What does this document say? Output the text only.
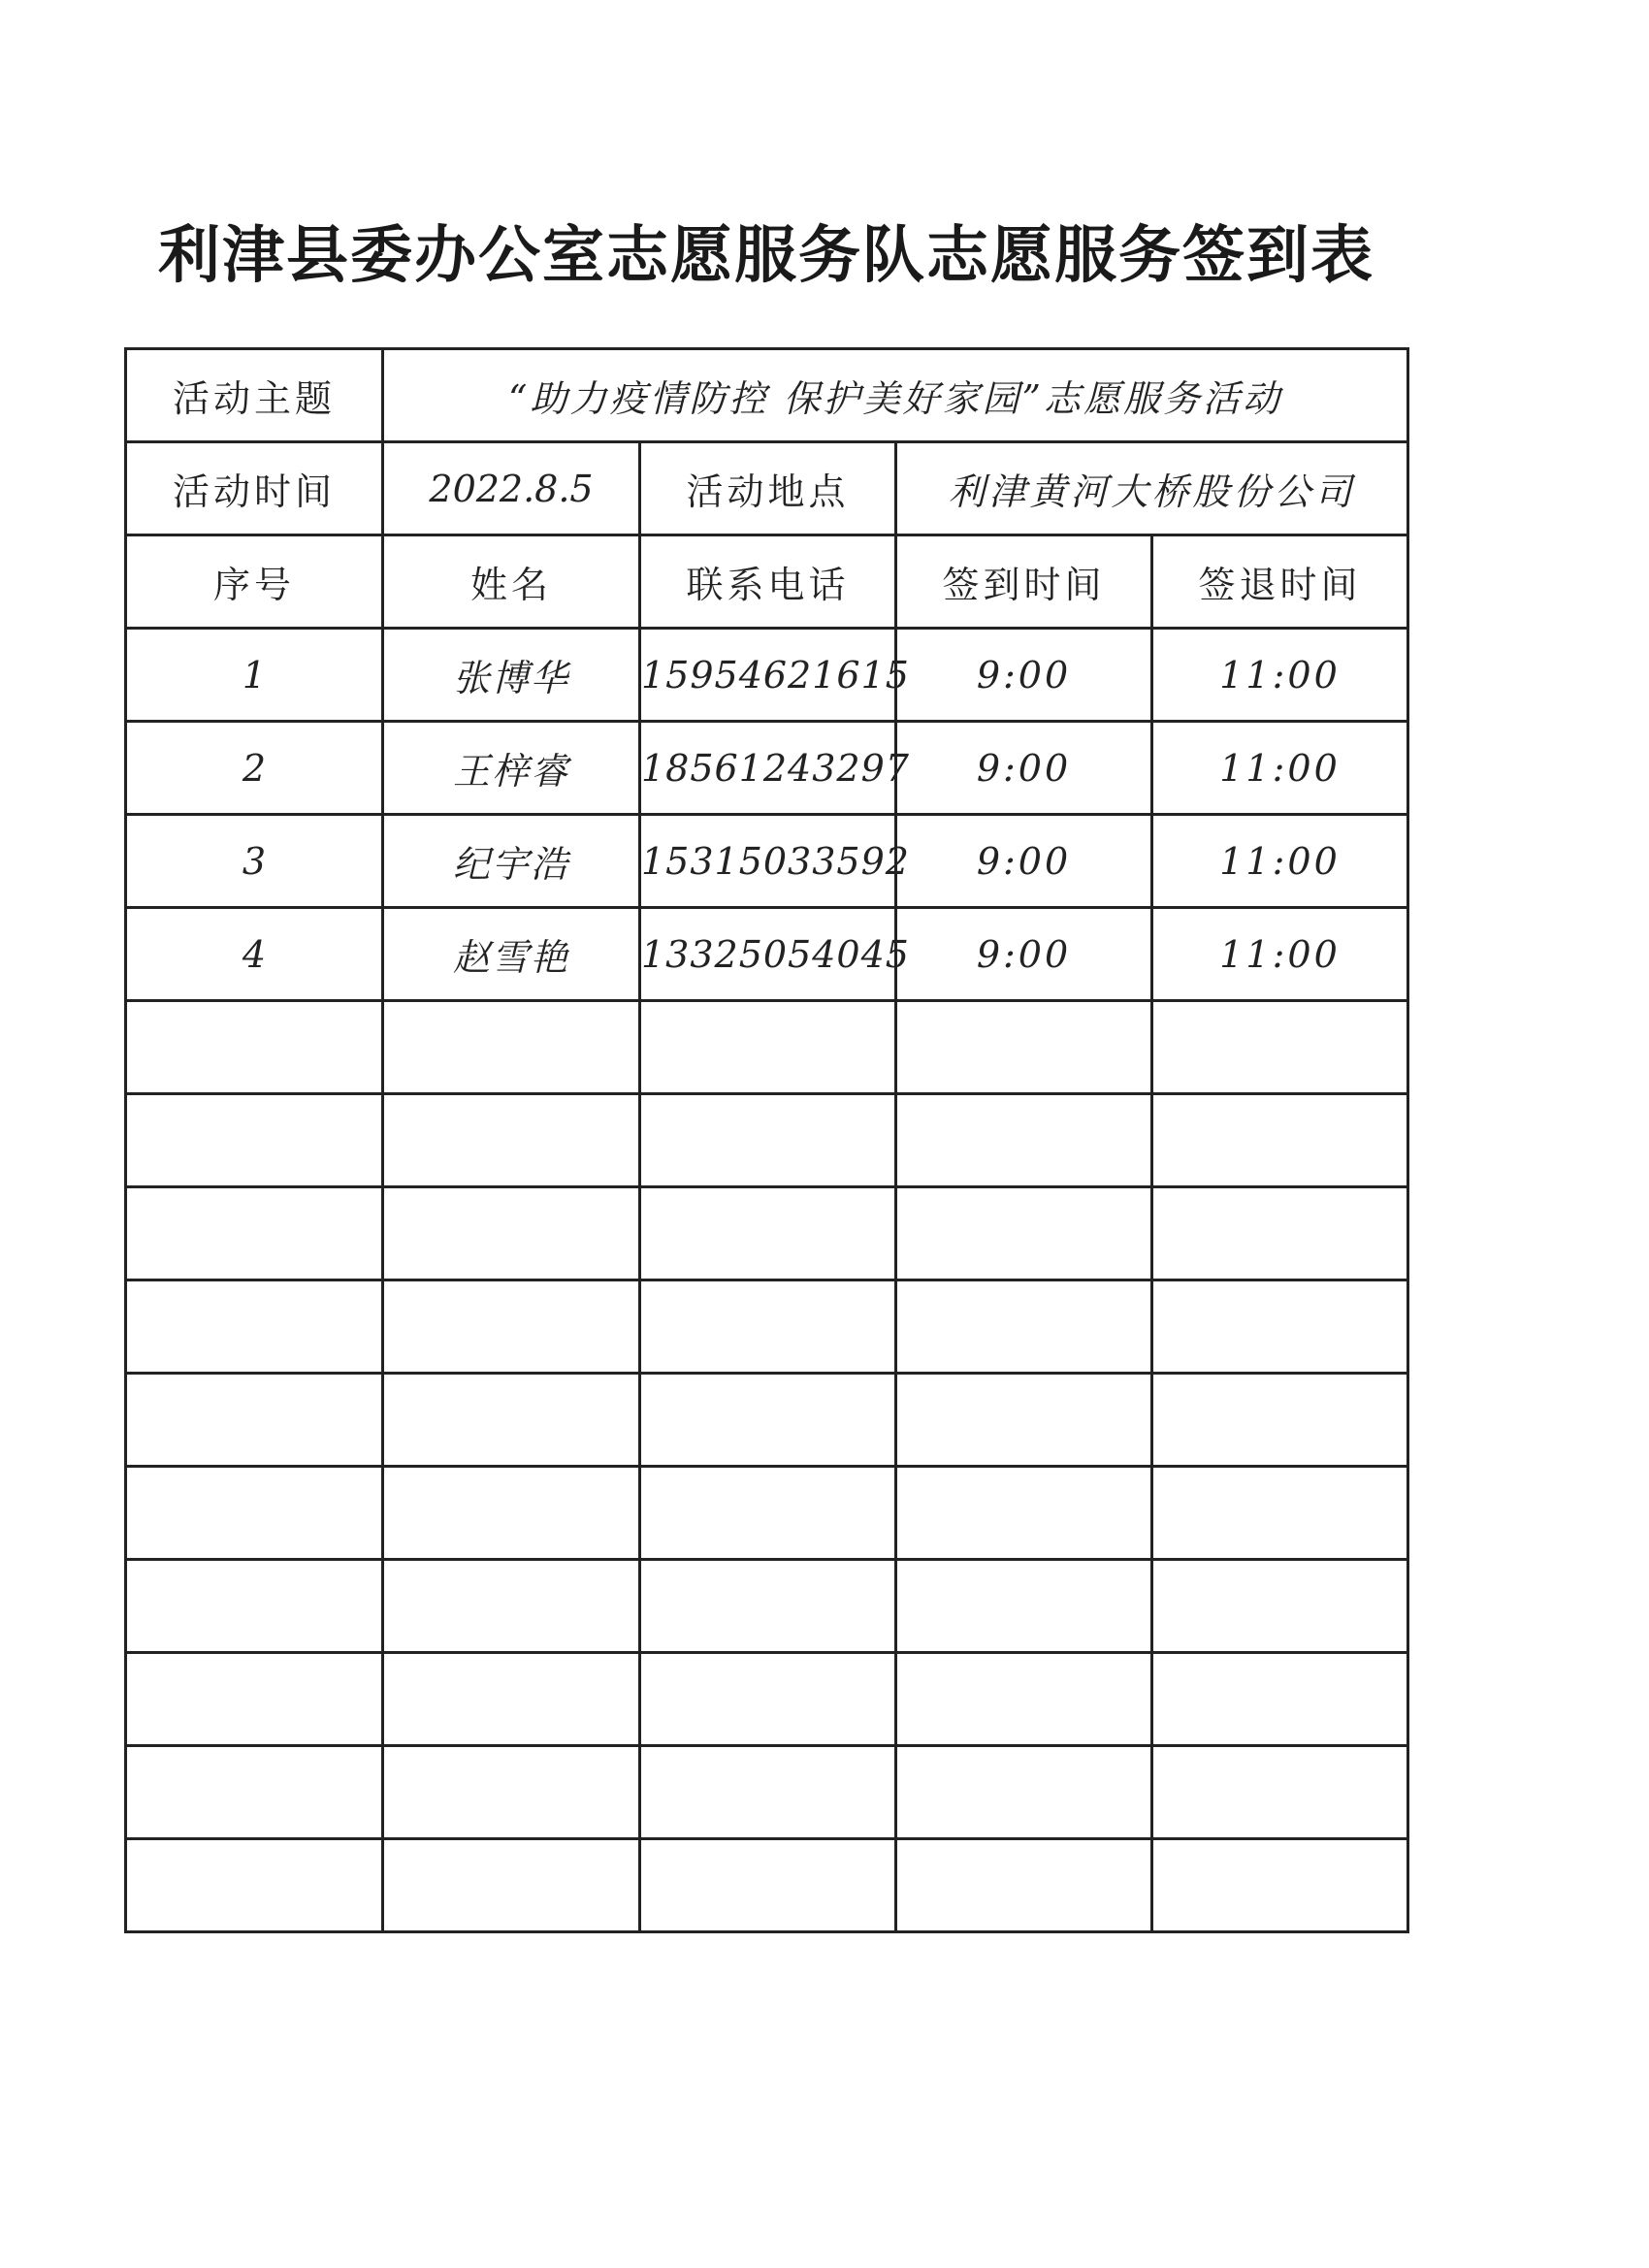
利津县委办公室志愿服务队志愿服务签到表
活动主题	“助力疫情防控 保护美好家园”志愿服务活动			
活动时间	2022.8.5	活动地点	利津黄河大桥股份公司	
序号	姓名	联系电话	签到时间	签退时间
1	张博华	15954621615	9:00	11:00
2	王梓睿	18561243297	9:00	11:00
3	纪宇浩	15315033592	9:00	11:00
4	赵雪艳	13325054045	9:00	11:00
